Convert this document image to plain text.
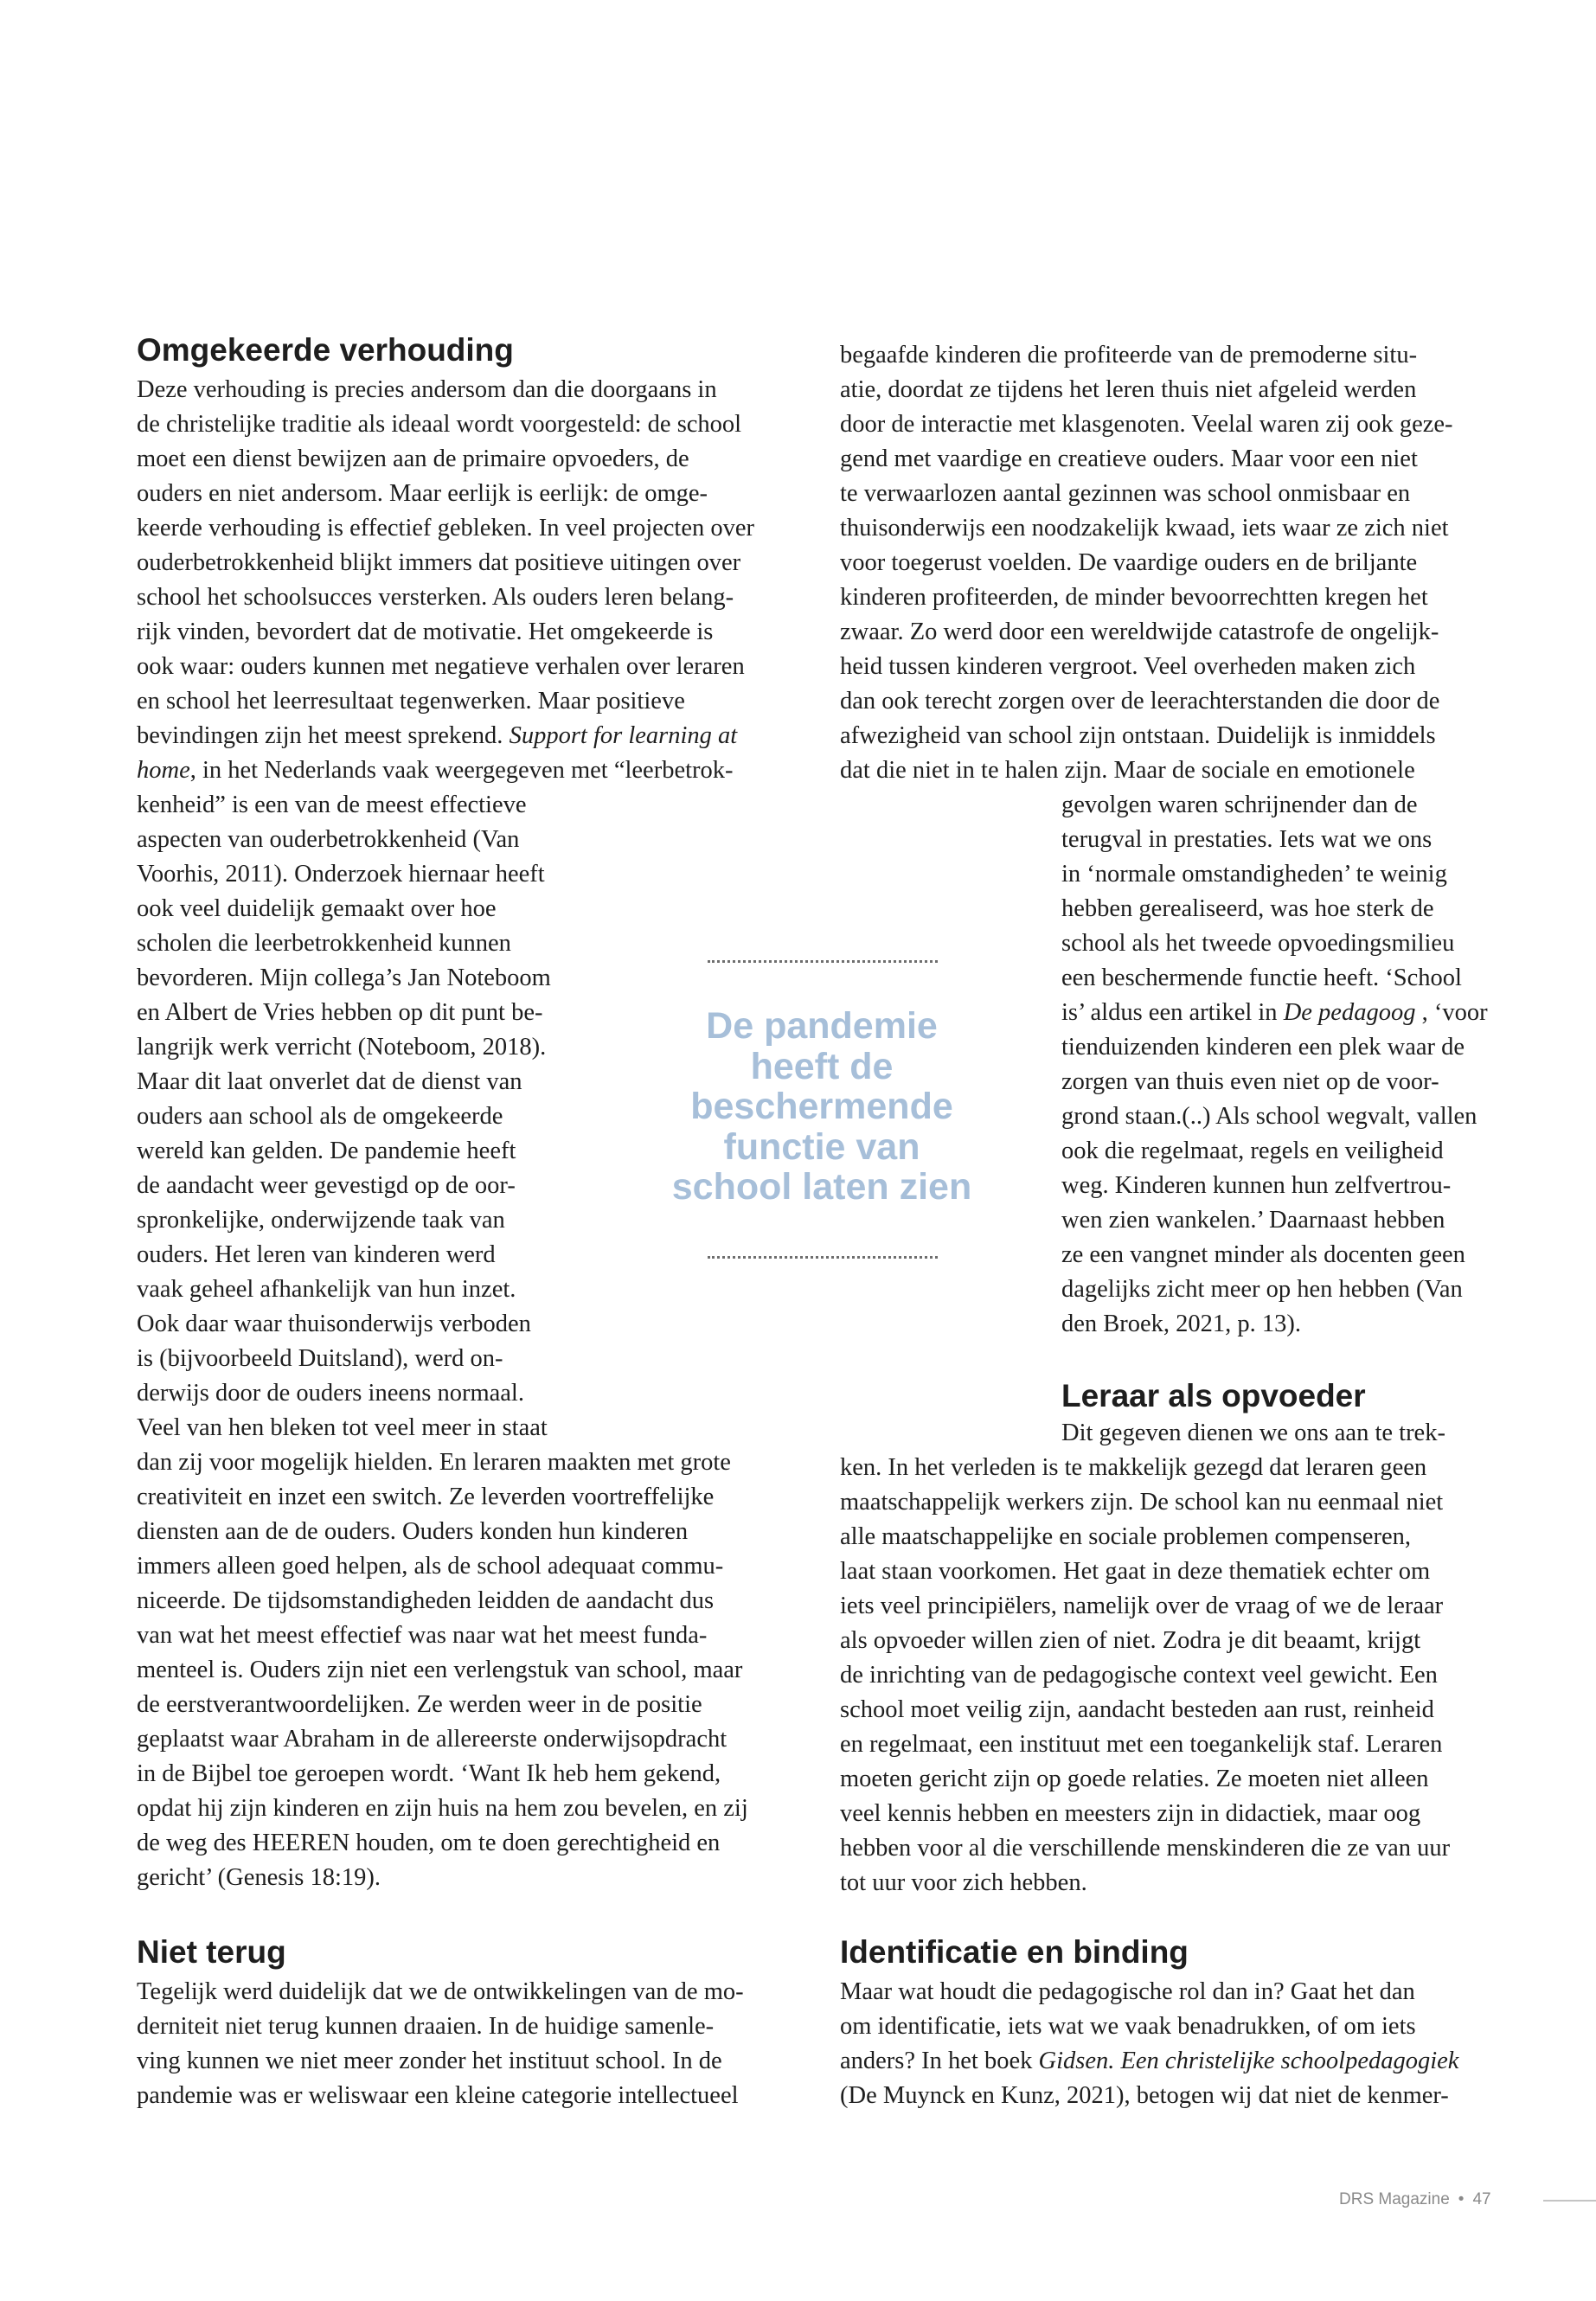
Omgekeerde verhouding

Deze verhouding is precies andersom dan die doorgaans in

de christelijke traditie als ideaal wordt voorgesteld: de school

moet een dienst bewijzen aan de primaire opvoeders, de

ouders en niet andersom. Maar eerlijk is eerlijk: de omge-

keerde verhouding is effectief gebleken. In veel projecten over

ouderbetrokkenheid blijkt immers dat positieve uitingen over

school het schoolsucces versterken. Als ouders leren belang-

rijk vinden, bevordert dat de motivatie. Het omgekeerde is

ook waar: ouders kunnen met negatieve verhalen over leraren

en school het leerresultaat tegenwerken. Maar positieve

bevindingen zijn het meest sprekend. Support for learning at

home, in het Nederlands vaak weergegeven met “leerbetrok-

kenheid” is een van de meest effectieve

aspecten van ouderbetrokkenheid (Van

Voorhis, 2011). Onderzoek hiernaar heeft

ook veel duidelijk gemaakt over hoe

scholen die leerbetrokkenheid kunnen

bevorderen. Mijn collega’s Jan Noteboom

en Albert de Vries hebben op dit punt be-

langrijk werk verricht (Noteboom, 2018).

Maar dit laat onverlet dat de dienst van

ouders aan school als de omgekeerde

wereld kan gelden. De pandemie heeft

de aandacht weer gevestigd op de oor-

spronkelijke, onderwijzende taak van

ouders. Het leren van kinderen werd

vaak geheel afhankelijk van hun inzet.

Ook daar waar thuisonderwijs verboden

is (bijvoorbeeld Duitsland), werd on-

derwijs door de ouders ineens normaal.

Veel van hen bleken tot veel meer in staat

dan zij voor mogelijk hielden. En leraren maakten met grote

creativiteit en inzet een switch. Ze leverden voortreffelijke

diensten aan de de ouders. Ouders konden hun kinderen

immers alleen goed helpen, als de school adequaat commu-

niceerde. De tijdsomstandigheden leidden de aandacht dus

van wat het meest effectief was naar wat het meest funda-

menteel is. Ouders zijn niet een verlengstuk van school, maar

de eerstverantwoordelijken. Ze werden weer in de positie

geplaatst waar Abraham in de allereerste onderwijsopdracht

in de Bijbel toe geroepen wordt. ‘Want Ik heb hem gekend,

opdat hij zijn kinderen en zijn huis na hem zou bevelen, en zij

de weg des HEEREN houden, om te doen gerechtigheid en

gericht’ (Genesis 18:19).

Niet terug

Tegelijk werd duidelijk dat we de ontwikkelingen van de mo-

derniteit niet terug kunnen draaien. In de huidige samenle-

ving kunnen we niet meer zonder het instituut school. In de

pandemie was er weliswaar een kleine categorie intellectueel

De pandemie
heeft de
beschermende
functie van
school laten zien

begaafde kinderen die profiteerde van de premoderne situ-

atie, doordat ze tijdens het leren thuis niet afgeleid werden

door de interactie met klasgenoten. Veelal waren zij ook geze-

gend met vaardige en creatieve ouders. Maar voor een niet

te verwaarlozen aantal gezinnen was school onmisbaar en

thuisonderwijs een noodzakelijk kwaad, iets waar ze zich niet

voor toegerust voelden. De vaardige ouders en de briljante

kinderen profiteerden, de minder bevoorrechtten kregen het

zwaar. Zo werd door een wereldwijde catastrofe de ongelijk-

heid tussen kinderen vergroot. Veel overheden maken zich

dan ook terecht zorgen over de leerachterstanden die door de

afwezigheid van school zijn ontstaan. Duidelijk is inmiddels

dat die niet in te halen zijn. Maar de sociale en emotionele

gevolgen waren schrijnender dan de

terugval in prestaties. Iets wat we ons

in ‘normale omstandigheden’ te weinig

hebben gerealiseerd, was hoe sterk de

school als het tweede opvoedingsmilieu

een beschermende functie heeft. ‘School

is’ aldus een artikel in De pedagoog , ‘voor

tienduizenden kinderen een plek waar de

zorgen van thuis even niet op de voor-

grond staan.(..) Als school wegvalt, vallen

ook die regelmaat, regels en veiligheid

weg. Kinderen kunnen hun zelfvertrou-

wen zien wankelen.’ Daarnaast hebben

ze een vangnet minder als docenten geen

dagelijks zicht meer op hen hebben (Van

den Broek, 2021, p. 13).

Leraar als opvoeder

Dit gegeven dienen we ons aan te trek-

ken. In het verleden is te makkelijk gezegd dat leraren geen

maatschappelijk werkers zijn. De school kan nu eenmaal niet

alle maatschappelijke en sociale problemen compenseren,

laat staan voorkomen. Het gaat in deze thematiek echter om

iets veel principiëlers, namelijk over de vraag of we de leraar

als opvoeder willen zien of niet. Zodra je dit beaamt, krijgt

de inrichting van de pedagogische context veel gewicht. Een

school moet veilig zijn, aandacht besteden aan rust, reinheid

en regelmaat, een instituut met een toegankelijk staf. Leraren

moeten gericht zijn op goede relaties. Ze moeten niet alleen

veel kennis hebben en meesters zijn in didactiek, maar oog

hebben voor al die verschillende menskinderen die ze van uur

tot uur voor zich hebben.

Identificatie en binding

Maar wat houdt die pedagogische rol dan in? Gaat het dan

om identificatie, iets wat we vaak benadrukken, of om iets

anders? In het boek Gidsen. Een christelijke schoolpedagogiek

(De Muynck en Kunz, 2021), betogen wij dat niet de kenmer-

DRS Magazine • 47
